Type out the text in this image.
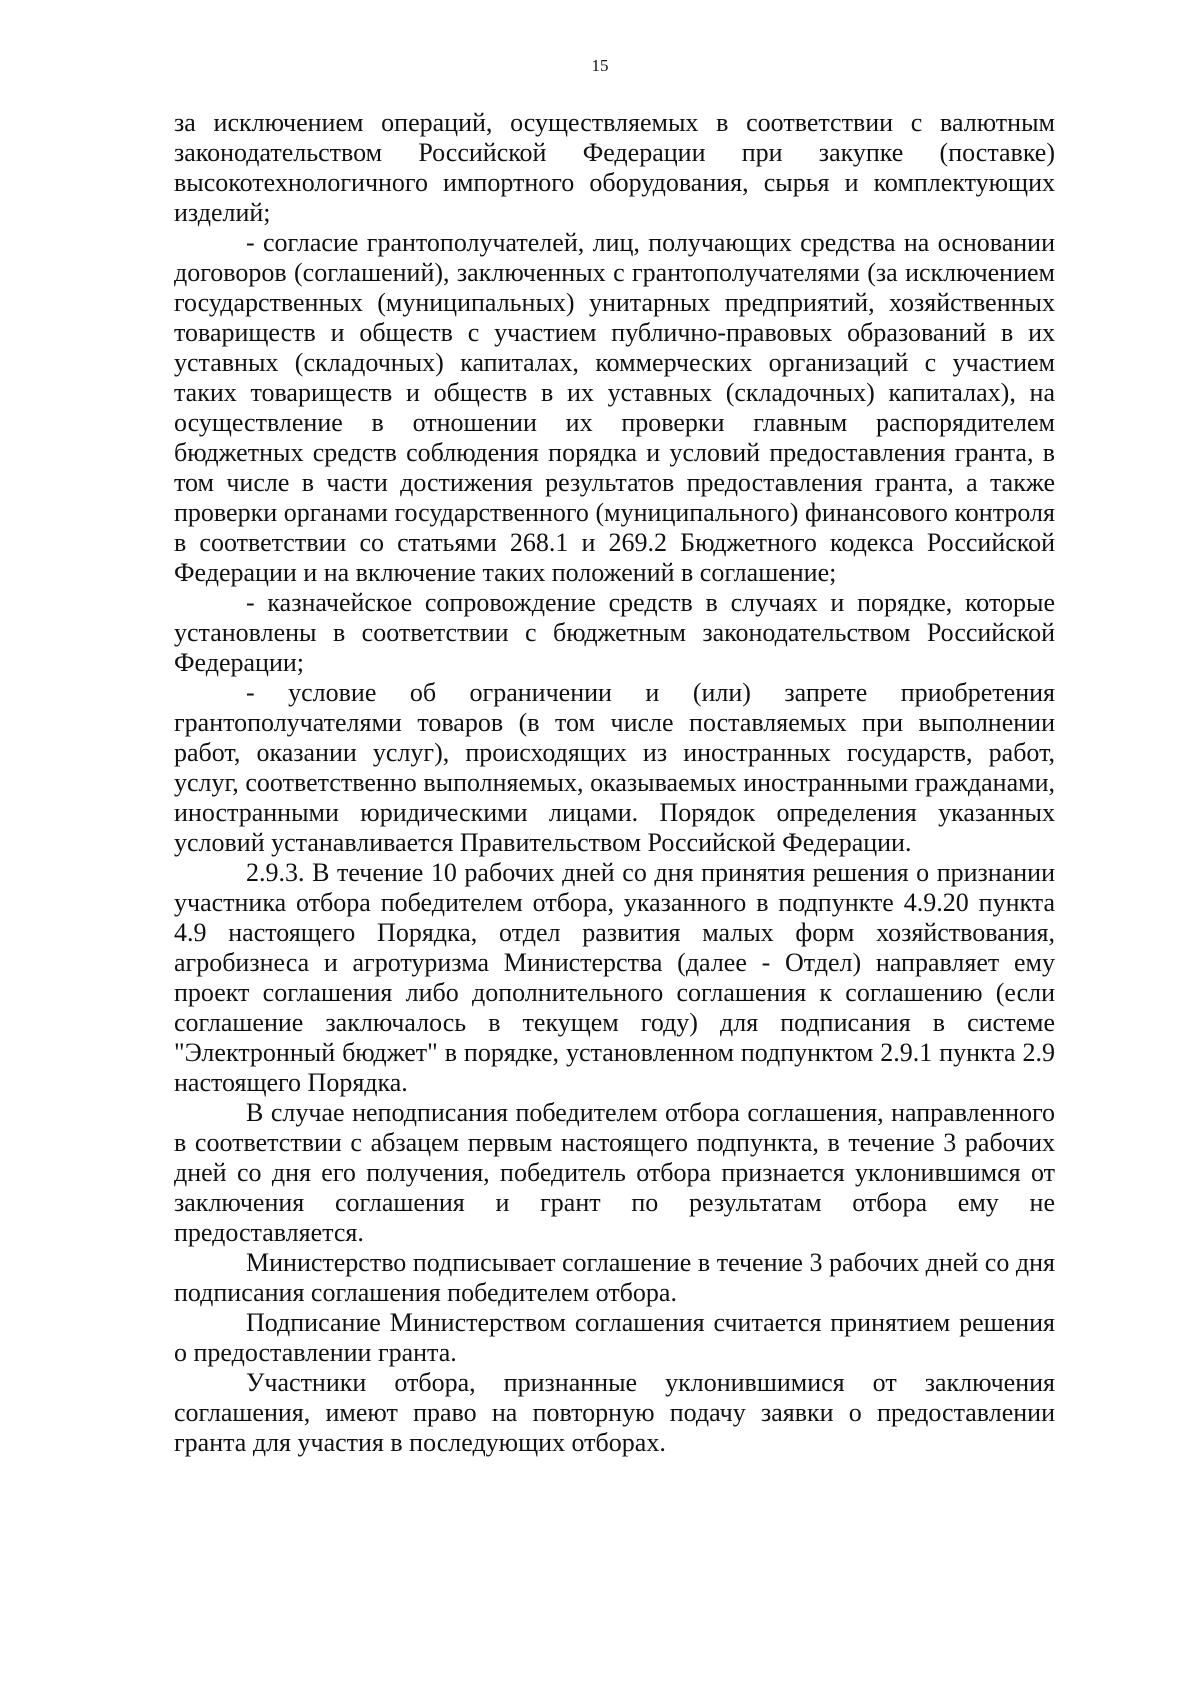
15

за исключением операций, осуществляемых в соответствии с валютным законодательством Российской Федерации при закупке (поставке) высокотехнологичного импортного оборудования, сырья и комплектующих изделий;

- согласие грантополучателей, лиц, получающих средства на основании договоров (соглашений), заключенных с грантополучателями (за исключением государственных (муниципальных) унитарных предприятий, хозяйственных товариществ и обществ с участием публично-правовых образований в их уставных (складочных) капиталах, коммерческих организаций с участием таких товариществ и обществ в их уставных (складочных) капиталах), на осуществление в отношении их проверки главным распорядителем бюджетных средств соблюдения порядка и условий предоставления гранта, в том числе в части достижения результатов предоставления гранта, а также проверки органами государственного (муниципального) финансового контроля в соответствии со статьями 268.1 и 269.2 Бюджетного кодекса Российской Федерации и на включение таких положений в соглашение;

- казначейское сопровождение средств в случаях и порядке, которые установлены в соответствии с бюджетным законодательством Российской Федерации;

- условие об ограничении и (или) запрете приобретения грантополучателями товаров (в том числе поставляемых при выполнении работ, оказании услуг), происходящих из иностранных государств, работ, услуг, соответственно выполняемых, оказываемых иностранными гражданами, иностранными юридическими лицами. Порядок определения указанных условий устанавливается Правительством Российской Федерации.

2.9.3. В течение 10 рабочих дней со дня принятия решения о признании участника отбора победителем отбора, указанного в подпункте 4.9.20 пункта 4.9 настоящего Порядка, отдел развития малых форм хозяйствования, агробизнеса и агротуризма Министерства (далее - Отдел) направляет ему проект соглашения либо дополнительного соглашения к соглашению (если соглашение заключалось в текущем году) для подписания в системе "Электронный бюджет" в порядке, установленном подпунктом 2.9.1 пункта 2.9 настоящего Порядка.

В случае неподписания победителем отбора соглашения, направленного в соответствии с абзацем первым настоящего подпункта, в течение 3 рабочих дней со дня его получения, победитель отбора признается уклонившимся от заключения соглашения и грант по результатам отбора ему не предоставляется.

Министерство подписывает соглашение в течение 3 рабочих дней со дня подписания соглашения победителем отбора.

Подписание Министерством соглашения считается принятием решения о предоставлении гранта.

Участники отбора, признанные уклонившимися от заключения соглашения, имеют право на повторную подачу заявки о предоставлении гранта для участия в последующих отборах.
